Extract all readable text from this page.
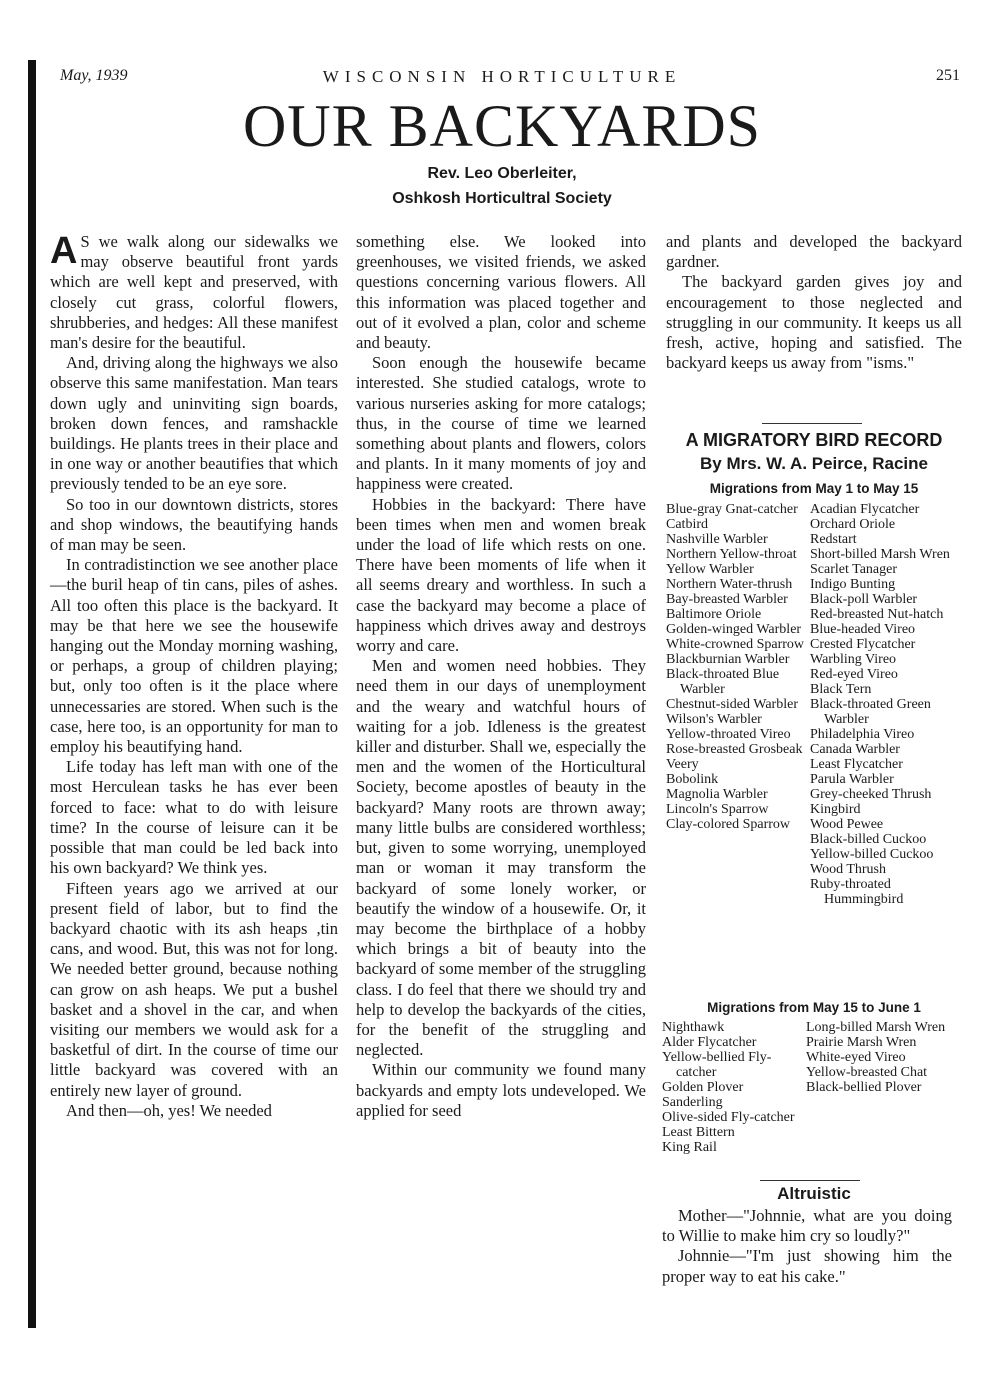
May, 1939	WISCONSIN HORTICULTURE	251
OUR BACKYARDS
Rev. Leo Oberleiter,
Oshkosh Horticultral Society

A S we walk along our sidewalks we may observe beautiful front yards which are well kept and preserved, with closely cut grass, colorful flowers, shrubberies, and hedges: All these manifest man's desire for the beautiful.

And, driving along the highways we also observe this same manifestation. Man tears down ugly and uninviting sign boards, broken down fences, and ramshackle buildings. He plants trees in their place and in one way or another beautifies that which previously tended to be an eye sore.

So too in our downtown districts, stores and shop windows, the beautifying hands of man may be seen.

In contradistinction we see another place—the buril heap of tin cans, piles of ashes. All too often this place is the backyard. It may be that here we see the housewife hanging out the Monday morning washing, or perhaps, a group of children playing; but, only too often is it the place where unnecessaries are stored. When such is the case, here too, is an opportunity for man to employ his beautifying hand.

Life today has left man with one of the most Herculean tasks he has ever been forced to face: what to do with leisure time? In the course of leisure can it be possible that man could be led back into his own backyard? We think yes.

Fifteen years ago we arrived at our present field of labor, but to find the backyard chaotic with its ash heaps ,tin cans, and wood. But, this was not for long. We needed better ground, because nothing can grow on ash heaps. We put a bushel basket and a shovel in the car, and when visiting our members we would ask for a basketful of dirt. In the course of time our little backyard was covered with an entirely new layer of ground.

And then—oh, yes! We needed

something else. We looked into greenhouses, we visited friends, we asked questions concerning various flowers. All this information was placed together and out of it evolved a plan, color and scheme and beauty.

Soon enough the housewife became interested. She studied catalogs, wrote to various nurseries asking for more catalogs; thus, in the course of time we learned something about plants and flowers, colors and plants. In it many moments of joy and happiness were created.

Hobbies in the backyard: There have been times when men and women break under the load of life which rests on one. There have been moments of life when it all seems dreary and worthless. In such a case the backyard may become a place of happiness which drives away and destroys worry and care.

Men and women need hobbies. They need them in our days of unemployment and the weary and watchful hours of waiting for a job. Idleness is the greatest killer and disturber. Shall we, especially the men and the women of the Horticultural Society, become apostles of beauty in the backyard? Many roots are thrown away; many little bulbs are considered worthless; but, given to some worrying, unemployed man or woman it may transform the backyard of some lonely worker, or beautify the window of a housewife. Or, it may become the birthplace of a hobby which brings a bit of beauty into the backyard of some member of the struggling class. I do feel that there we should try and help to develop the backyards of the cities, for the benefit of the struggling and neglected.

Within our community we found many backyards and empty lots undeveloped. We applied for seed

and plants and developed the backyard gardner.

The backyard garden gives joy and encouragement to those neglected and struggling in our community. It keeps us all fresh, active, hoping and satisfied. The backyard keeps us away from "isms."

A MIGRATORY BIRD RECORD
By Mrs. W. A. Peirce, Racine
Migrations from May 1 to May 15
Blue-gray Gnat-catcher
Catbird
Nashville Warbler
Northern Yellow-throat
Yellow Warbler
Northern Water-thrush
Bay-breasted Warbler
Baltimore Oriole
Golden-winged Warbler
White-crowned Sparrow
Blackburnian Warbler
Black-throated Blue Warbler
Chestnut-sided Warbler
Wilson's Warbler
Yellow-throated Vireo
Rose-breasted Grosbeak
Veery
Bobolink
Magnolia Warbler
Lincoln's Sparrow
Clay-colored Sparrow
Acadian Flycatcher
Orchard Oriole
Redstart
Short-billed Marsh Wren
Scarlet Tanager
Indigo Bunting
Black-poll Warbler
Red-breasted Nut-hatch
Blue-headed Vireo
Crested Flycatcher
Warbling Vireo
Red-eyed Vireo
Black Tern
Black-throated Green Warbler
Philadelphia Vireo
Canada Warbler
Least Flycatcher
Parula Warbler
Grey-cheeked Thrush
Kingbird
Wood Pewee
Black-billed Cuckoo
Yellow-billed Cuckoo
Wood Thrush
Ruby-throated Hummingbird
Migrations from May 15 to June 1
Nighthawk
Alder Flycatcher
Yellow-bellied Fly-catcher
Golden Plover
Sanderling
Olive-sided Fly-catcher
Least Bittern
King Rail
Long-billed Marsh Wren
Prairie Marsh Wren
White-eyed Vireo
Yellow-breasted Chat
Black-bellied Plover
Altruistic

Mother—"Johnnie, what are you doing to Willie to make him cry so loudly?"

Johnnie—"I'm just showing him the proper way to eat his cake."
